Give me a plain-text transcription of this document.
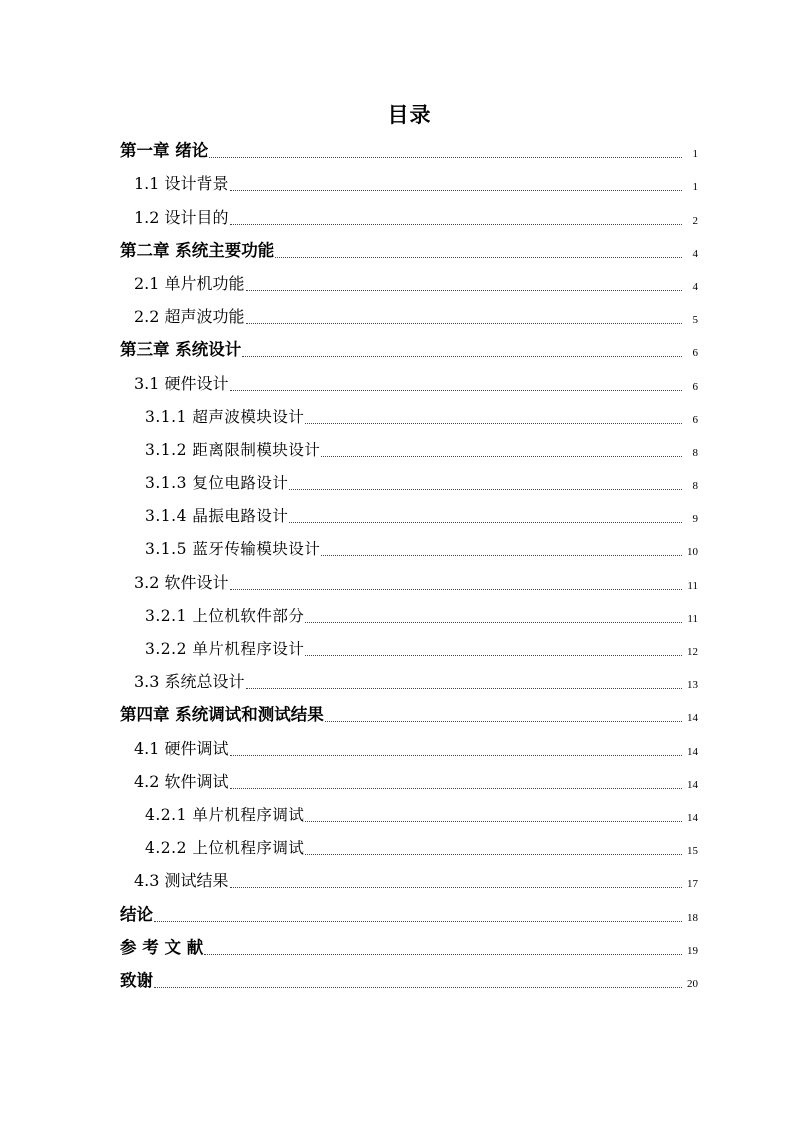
目录
第一章 绪论	1
1.1 设计背景	1
1.2 设计目的	2
第二章 系统主要功能	4
2.1 单片机功能	4
2.2 超声波功能	5
第三章 系统设计	6
3.1 硬件设计	6
3.1.1 超声波模块设计	6
3.1.2 距离限制模块设计	8
3.1.3 复位电路设计	8
3.1.4 晶振电路设计	9
3.1.5 蓝牙传输模块设计	10
3.2 软件设计	11
3.2.1 上位机软件部分	11
3.2.2 单片机程序设计	12
3.3 系统总设计	13
第四章 系统调试和测试结果	14
4.1 硬件调试	14
4.2 软件调试	14
4.2.1 单片机程序调试	14
4.2.2 上位机程序调试	15
4.3 测试结果	17
结论	18
参 考 文 献	19
致谢	20
